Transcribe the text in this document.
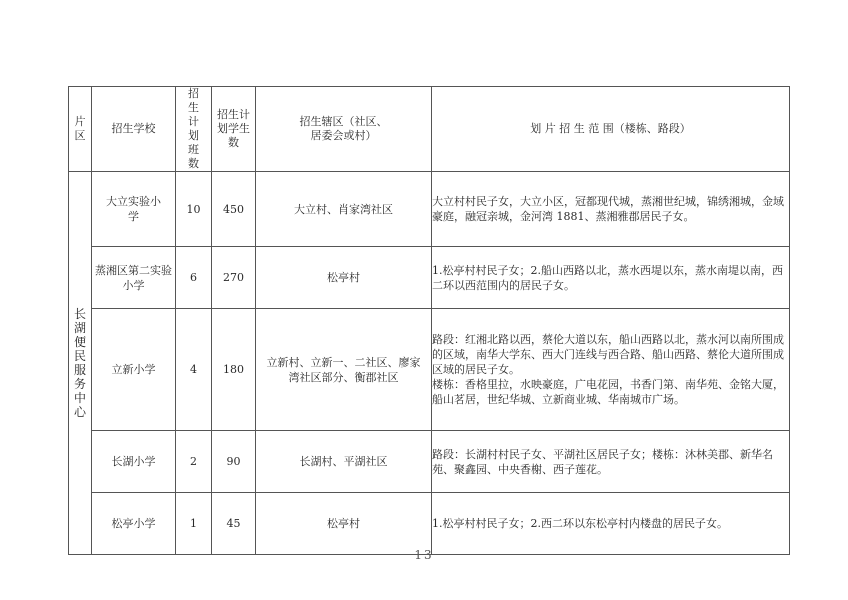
片区	招生学校	招生计划班数	招生计划学生数	招生辖区（社区、居委会或村）	划 片 招 生 范 围（楼栋、路段）
长湖便民服务中心	大立实验小学	10	450	大立村、肖家湾社区	大立村村民子女，大立小区，冠都现代城，蒸湘世纪城，锦绣湘城，金域豪庭，融冠亲城，金河湾 1881、蒸湘雅郡居民子女。

	蒸湘区第二实验小学	6	270	松亭村	1.松亭村村民子女；2.船山西路以北，蒸水西堤以东，蒸水南堤以南，西二环以西范围内的居民子女。

	立新小学	4	180	立新村、立新一、二社区、廖家湾社区部分、衡郡社区	路段：红湘北路以西，蔡伦大道以东，船山西路以北，蒸水河以南所围成的区域，南华大学东、西大门连线与西合路、船山西路、蔡伦大道所围成区域的居民子女。
楼栋：香格里拉，水映豪庭，广电花园，书香门第、南华苑、金铭大厦，船山茗居，世纪华城、立新商业城、华南城市广场。

	长湖小学	2	90	长湖村、平湖社区	路段：长湖村村民子女、平湖社区居民子女；楼栋：沐林美郡、新华名苑、聚鑫园、中央香榭、西子莲花。

	松亭小学	1	45	松亭村	1.松亭村村民子女；2.西二环以东松亭村内楼盘的居民子女。
－ 13 －
